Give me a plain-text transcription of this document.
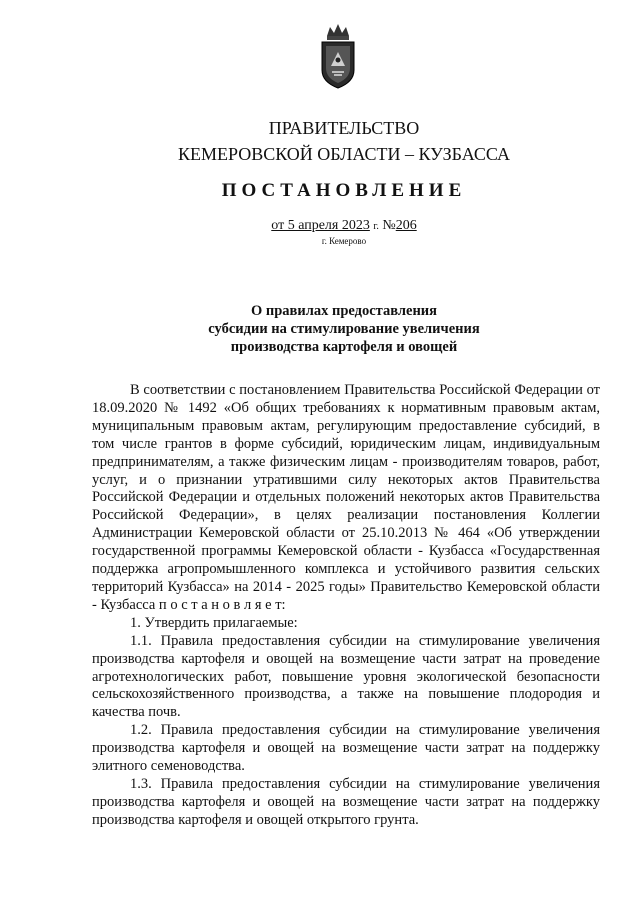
ПРАВИТЕЛЬСТВО
КЕМЕРОВСКОЙ ОБЛАСТИ – КУЗБАССА
ПОСТАНОВЛЕНИЕ
от 5 апреля 2023 г. №206
г. Кемерово
О правилах предоставления
субсидии на стимулирование увеличения
производства картофеля и овощей

В соответствии с постановлением Правительства Российской Федерации от 18.09.2020 № 1492 «Об общих требованиях к нормативным правовым актам, муниципальным правовым актам, регулирующим предоставление субсидий, в том числе грантов в форме субсидий, юридическим лицам, индивидуальным предпринимателям, а также физическим лицам - производителям товаров, работ, услуг, и о признании утратившими силу некоторых актов Правительства Российской Федерации и отдельных положений некоторых актов Правительства Российской Федерации», в целях реализации постановления Коллегии Администрации Кемеровской области от 25.10.2013 № 464 «Об утверждении государственной программы Кемеровской области - Кузбасса «Государственная поддержка агропромышленного комплекса и устойчивого развития сельских территорий Кузбасса» на 2014 - 2025 годы» Правительство Кемеровской области - Кузбасса п о с т а н о в л я е т:

1. Утвердить прилагаемые:

1.1. Правила предоставления субсидии на стимулирование увеличения производства картофеля и овощей на возмещение части затрат на проведение агротехнологических работ, повышение уровня экологической безопасности сельскохозяйственного производства, а также на повышение плодородия и качества почв.

1.2. Правила предоставления субсидии на стимулирование увеличения производства картофеля и овощей на возмещение части затрат на поддержку элитного семеноводства.

1.3. Правила предоставления субсидии на стимулирование увеличения производства картофеля и овощей на возмещение части затрат на поддержку производства картофеля и овощей открытого грунта.
